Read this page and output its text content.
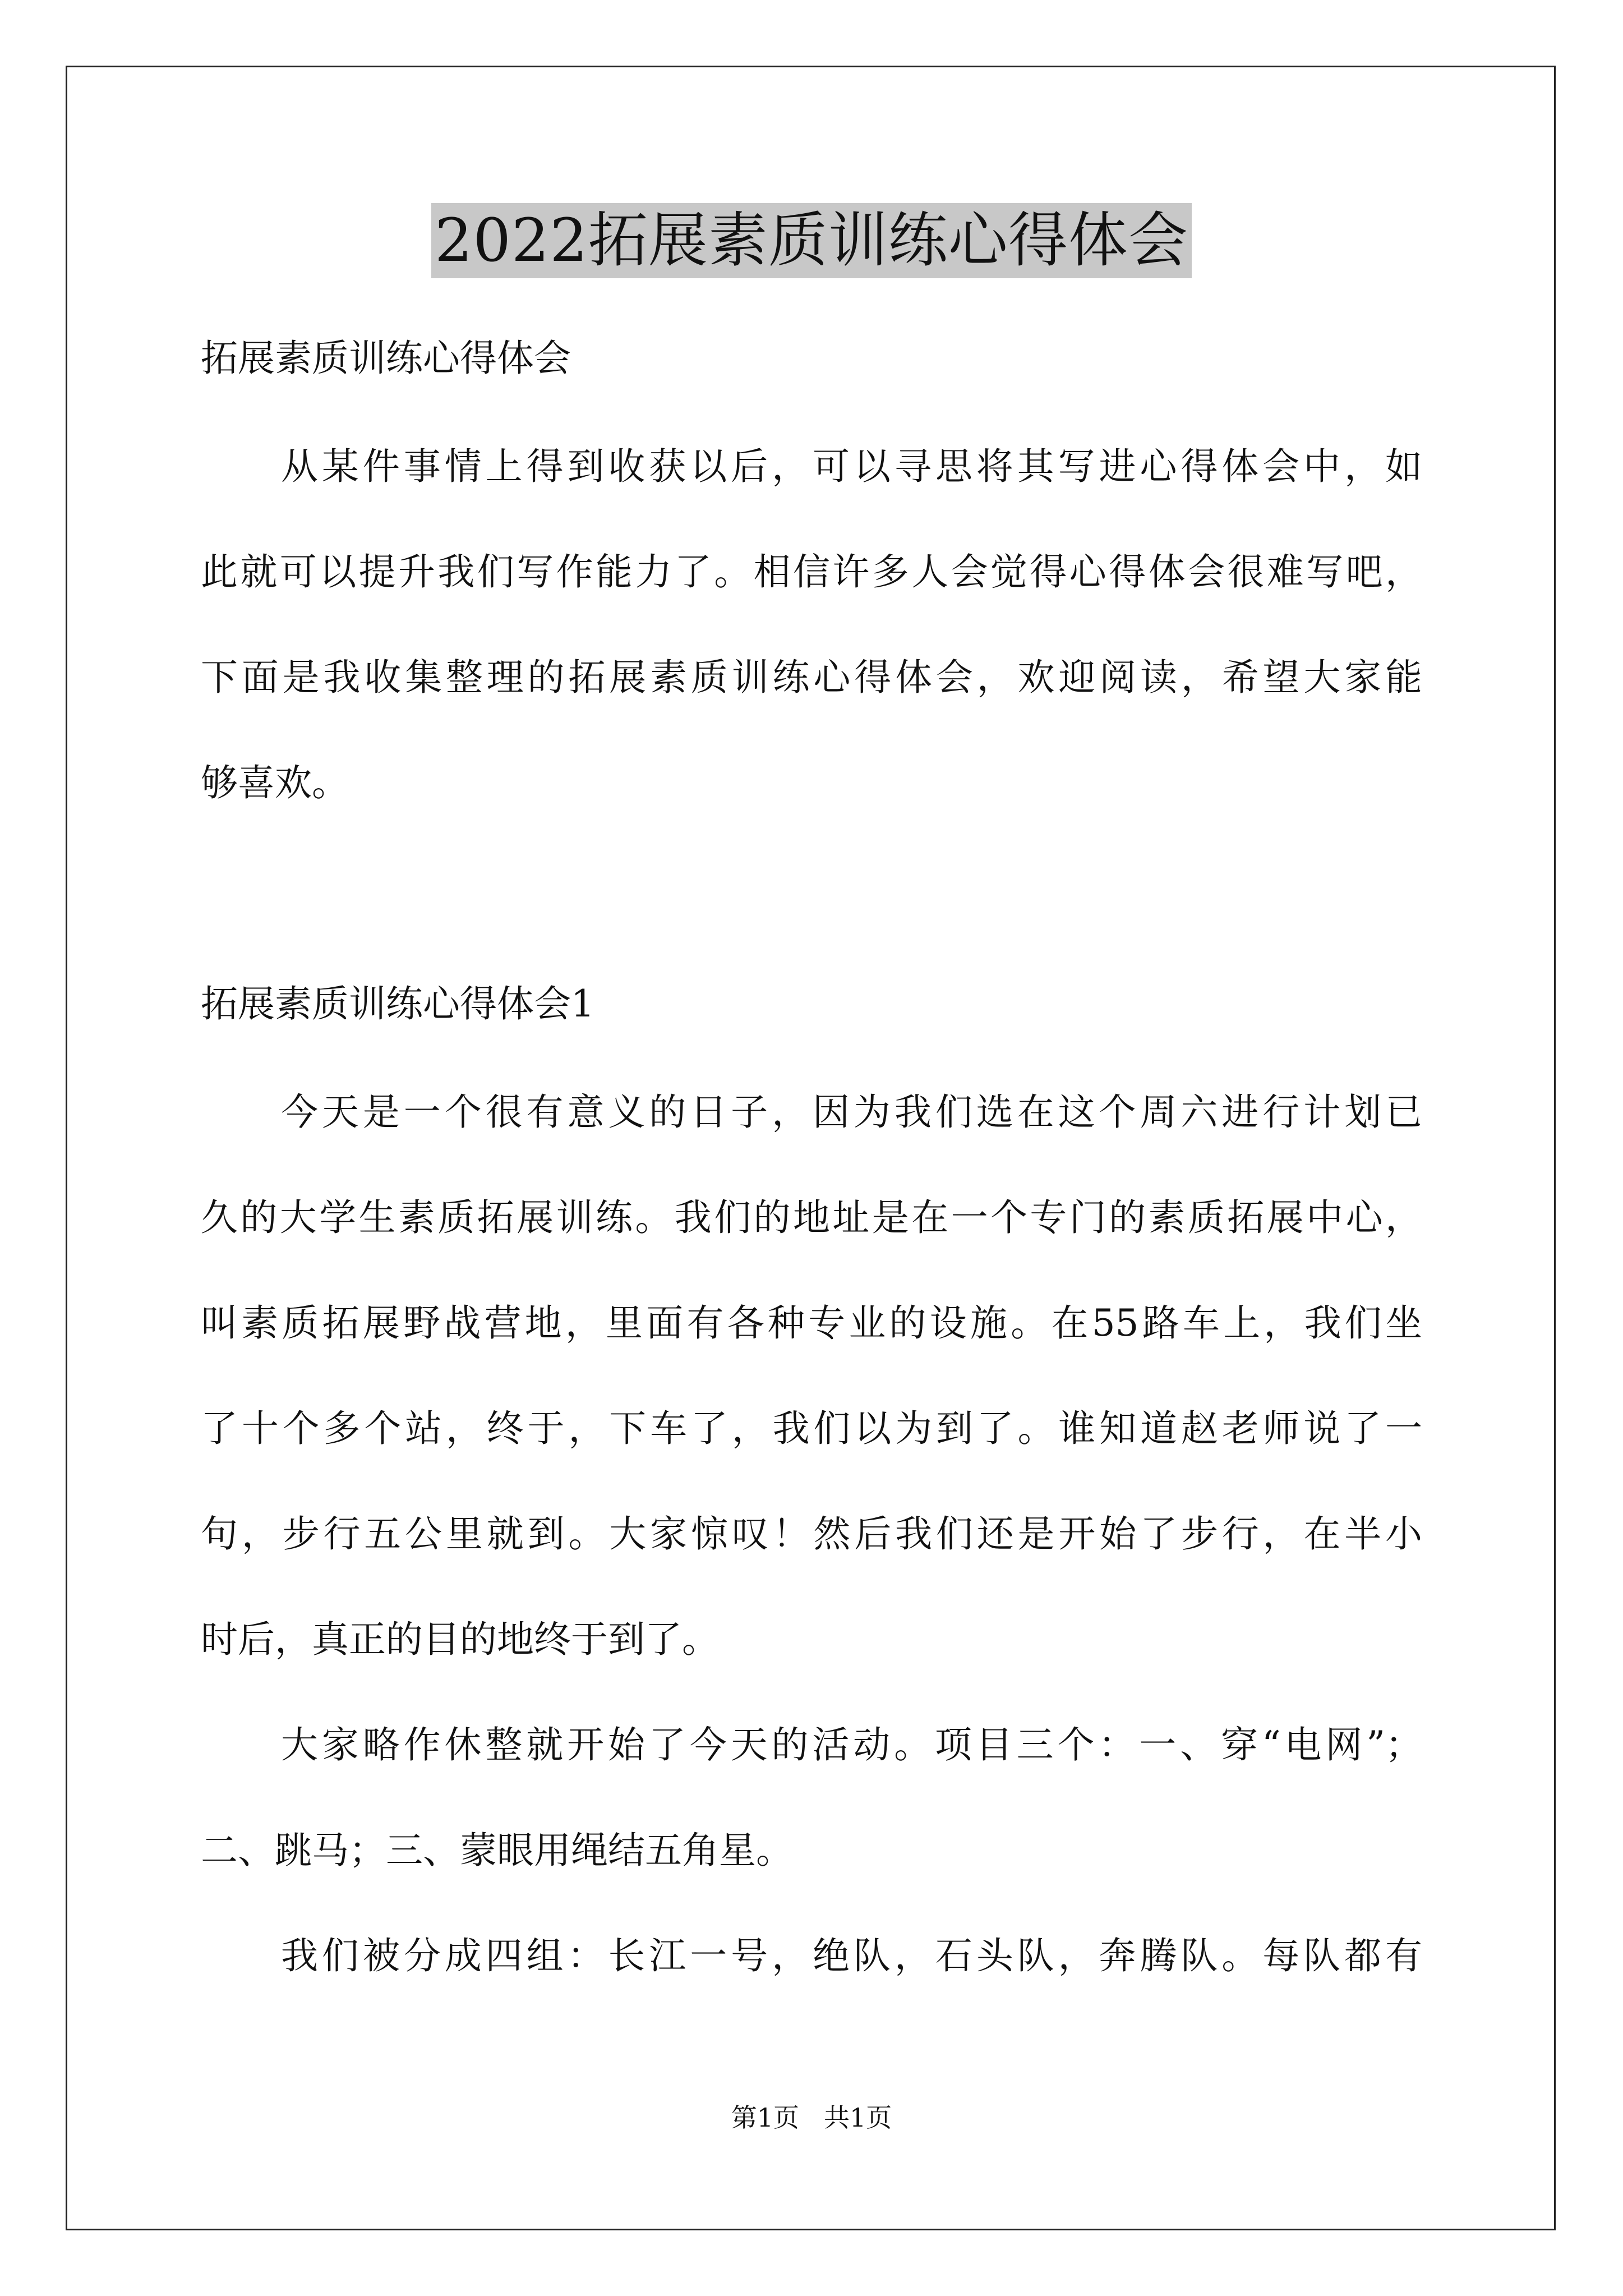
2022拓展素质训练心得体会
拓展素质训练心得体会
从某件事情上得到收获以后，可以寻思将其写进心得体会中，如
此就可以提升我们写作能力了。相信许多人会觉得心得体会很难写吧，
下面是我收集整理的拓展素质训练心得体会，欢迎阅读，希望大家能
够喜欢。
拓展素质训练心得体会1
今天是一个很有意义的日子，因为我们选在这个周六进行计划已
久的大学生素质拓展训练。我们的地址是在一个专门的素质拓展中心，
叫素质拓展野战营地，里面有各种专业的设施。在55路车上，我们坐
了十个多个站，终于，下车了，我们以为到了。谁知道赵老师说了一
句，步行五公里就到。大家惊叹！然后我们还是开始了步行，在半小
时后，真正的目的地终于到了。
大家略作休整就开始了今天的活动。项目三个：一、穿“电网”；
二、跳马；三、蒙眼用绳结五角星。
我们被分成四组：长江一号，绝队，石头队，奔腾队。每队都有
第1页 共1页
